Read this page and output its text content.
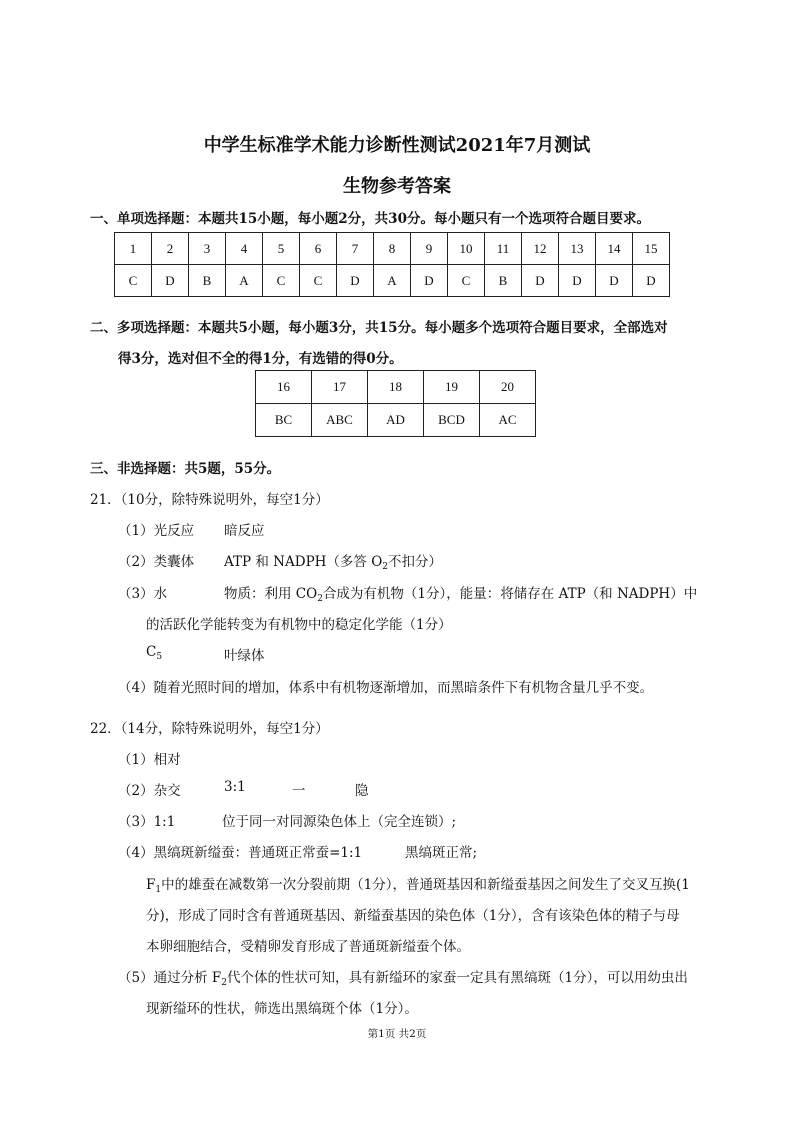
中学生标准学术能力诊断性测试2021年7月测试
生物参考答案
一、单项选择题：本题共15小题，每小题2分，共30分。每小题只有一个选项符合题目要求。
1	2	3	4	5	6	7	8	9	10	11	12	13	14	15
C	D	B	A	C	C	D	A	D	C	B	D	D	D	D
二、多项选择题：本题共5小题，每小题3分，共15分。每小题多个选项符合题目要求，全部选对
得3分，选对但不全的得1分，有选错的得0分。
16	17	18	19	20
BC	ABC	AD	BCD	AC
三、非选择题：共5题，55分。
21．（10分，除特殊说明外，每空1分）
（1）光反应 暗反应
（2）类囊体 ATP 和 NADPH（多答 $O_2$不扣分）
（3）水	物质：利用 $CO_2$合成为有机物（1分），能量：将储存在 ATP（和 NADPH）中
的活跃化学能转变为有机物中的稳定化学能（1分）
$C_5$	叶绿体
（4）随着光照时间的增加，体系中有机物逐渐增加，而黑暗条件下有机物含量几乎不变。
22．（14分，除特殊说明外，每空1分）
（1）相对
（2）杂交	3:1	一	隐
（3）1:1	位于同一对同源染色体上（完全连锁）;
（4）黑缟斑新缢蚕：普通斑正常蚕=1:1	黑缟斑正常;
$F_1$中的雄蚕在减数第一次分裂前期（1分），普通斑基因和新缢蚕基因之间发生了交叉互换(1
分)，形成了同时含有普通斑基因、新缢蚕基因的染色体（1分），含有该染色体的精子与母
本卵细胞结合，受精卵发育形成了普通斑新缢蚕个体。
（5）通过分析 $F_2$代个体的性状可知，具有新缢环的家蚕一定具有黑缟斑（1分），可以用幼虫出
现新缢环的性状，筛选出黑缟斑个体（1分）。
第1页 共2页
